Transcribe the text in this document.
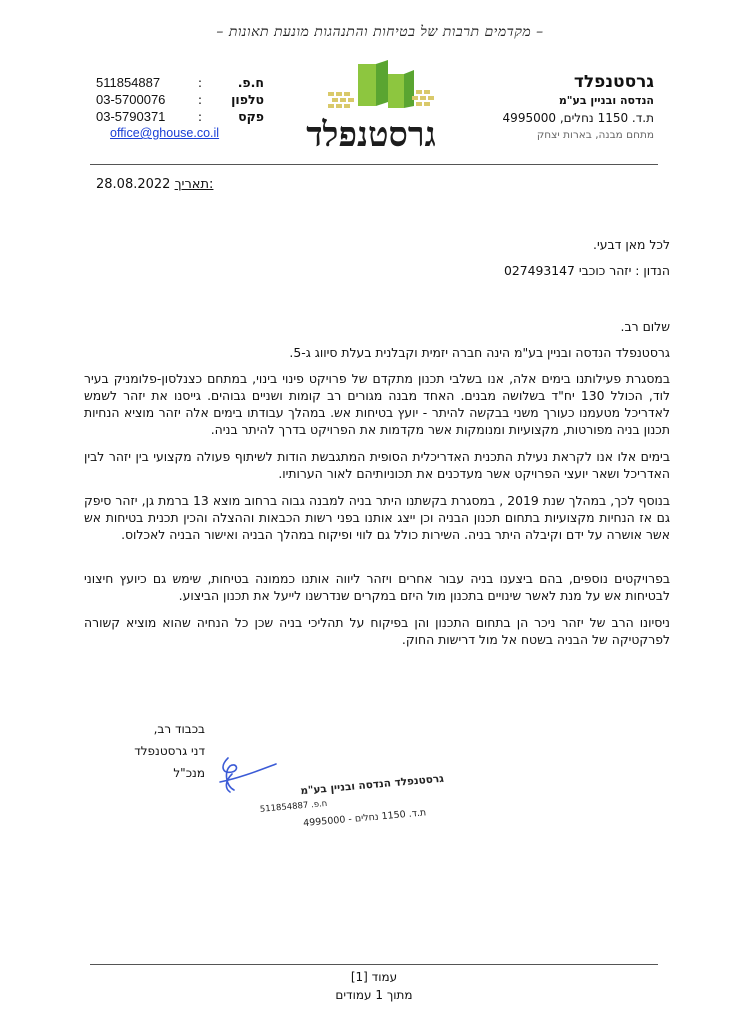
– מקדמים תרבות של בטיחות והתנהגות מונעת תאונות –
511854887	:	ח.פ.
03-5700076	:	טלפון
03-5790371	:	פקס
office@ghouse.co.il	גרסטנפלד
גרסטנפלד
הנדסה ובניין בע"מ
ת.ד. 1150 נחלים, 4995000
מתחם מבנה, בארות יצחק
28.08.2022 תאריך:

לכל מאן דבעי.

הנדון : יזהר כוכבי 027493147

שלום רב.

גרסטנפלד הנדסה ובניין בע"מ הינה חברה יזמית וקבלנית בעלת סיווג ג-5.

במסגרת פעילותנו בימים אלה, אנו בשלבי תכנון מתקדם של פרויקט פינוי בינוי, במתחם כצנלסון-פלומניק בעיר לוד, הכולל 130 יח"ד בשלושה מבנים. האחד מבנה מגורים רב קומות ושניים גבוהים. גייסנו את יזהר לשמש לאדריכל מטעמנו כעורך משני בבקשה להיתר - יועץ בטיחות אש. במהלך עבודתו בימים אלה יזהר מוציא הנחיות תכנון בניה מפורטות, מקצועיות ומנומקות אשר מקדמות את הפרויקט בדרך להיתר בניה.

בימים אלו אנו לקראת נעילת התכנית האדריכלית הסופית המתגבשת הודות לשיתוף פעולה מקצועי בין יזהר לבין האדריכל ושאר יועצי הפרויקט אשר מעדכנים את תכוניותיהם לאור הערותיו.

בנוסף לכך, במהלך שנת 2019 , במסגרת בקשתנו היתר בניה למבנה גבוה ברחוב מוצא 13 ברמת גן, יזהר סיפק גם אז הנחיות מקצועיות בתחום תכנון הבניה וכן ייצג אותנו בפני רשות הכבאות וההצלה והכין תכנית בטיחות אש אשר אושרה על ידם וקיבלה היתר בניה. השירות כולל גם לווי ופיקוח במהלך הבניה ואישור הבניה לאכלוס.

בפרויקטים נוספים, בהם ביצענו בניה עבור אחרים ויזהר ליווה אותנו כממונה בטיחות, שימש גם כיועץ חיצוני לבטיחות אש על מנת לאשר שינויים בתכנון מול היזם במקרים שנדרשנו לייעל את תכנון הביצוע.

ניסיונו הרב של יזהר ניכר הן בתחום התכנון והן בפיקוח על תהליכי בניה שכן כל הנחיה שהוא מוציא קשורה לפרקטיקה של הבניה בשטח אל מול דרישות החוק.

בכבוד רב,
דני גרסטנפלד
מנכ"ל	גרסטנפלד הנדסה ובניין בע"מ
ח.פ. 511854887
ת.ד. 1150 נחלים - 4995000
עמוד [1]
מתוך 1 עמודים
